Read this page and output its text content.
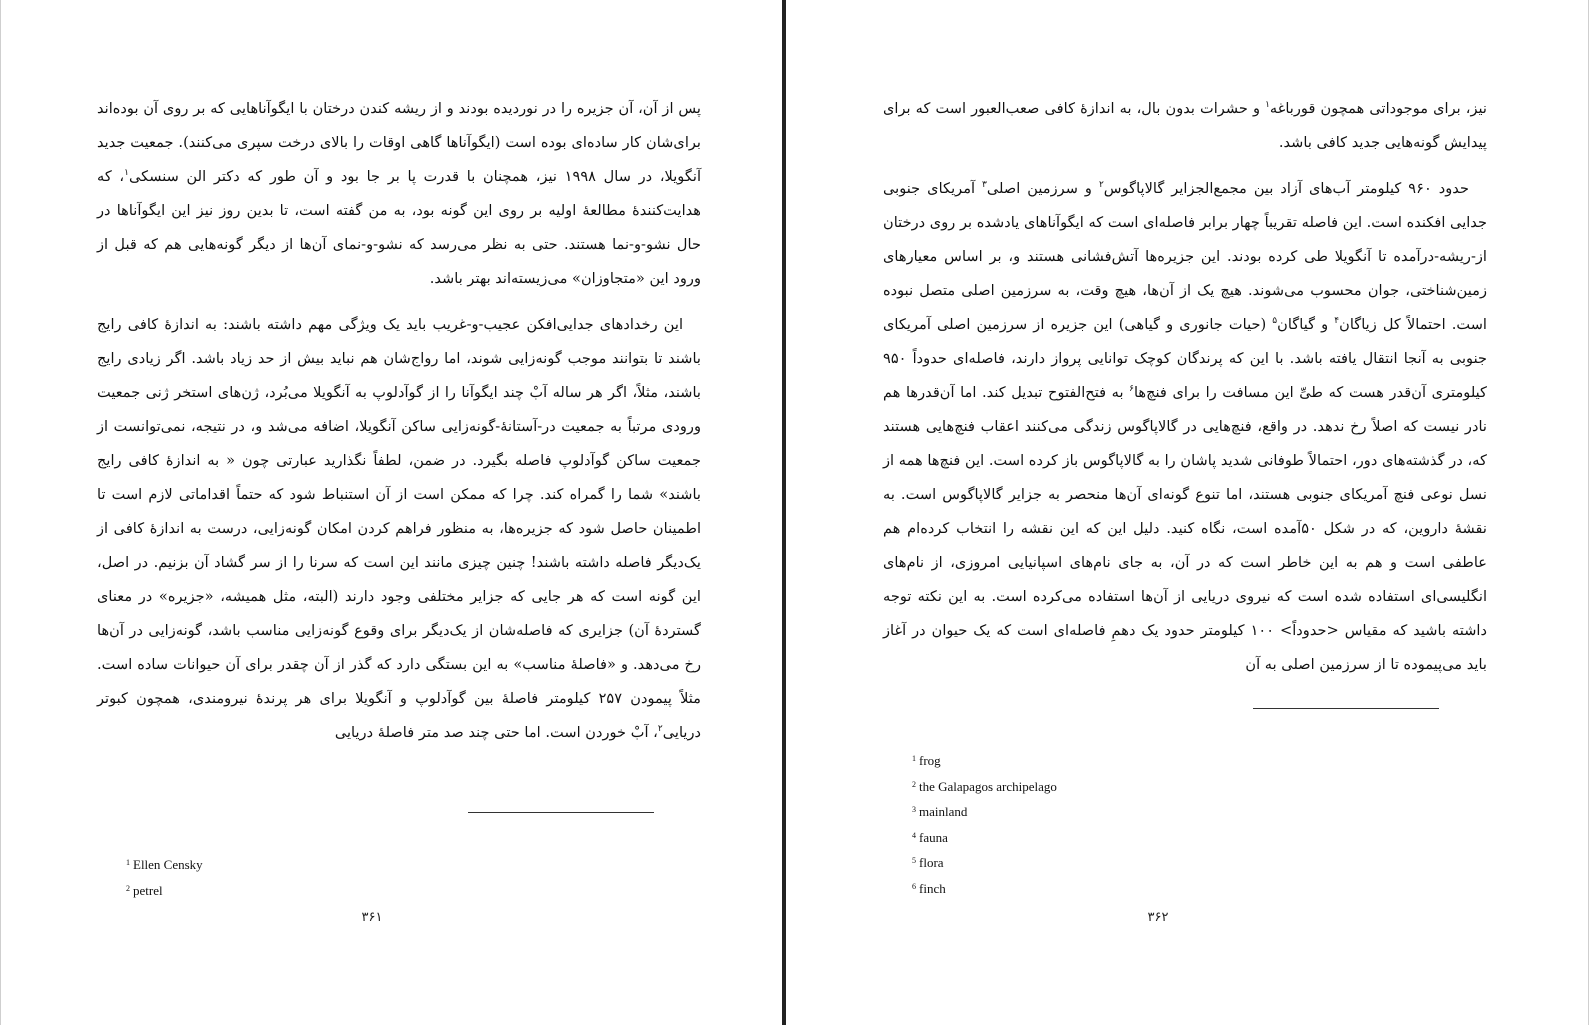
پس از آن، آن جزیره را در نوردیده بودند و از ریشه کندن درختان با ایگوآناهایی که بر روی آن بوده‌اند برای‌شان کار ساده‌ای بوده است (ایگوآناها گاهی اوقات را بالای درخت سپری می‌کنند). جمعیت جدید آنگویلا، در سال ۱۹۹۸ نیز، همچنان با قدرت پا بر جا بود و آن طور که دکتر الن سنسکی$^۱$، که هدایت‌کنندهٔ مطالعهٔ اولیه بر روی این گونه بود، به من گفته است، تا بدین روز نیز این ایگوآناها در حال نشو-و-نما هستند. حتی به نظر می‌رسد که نشو-و-نمای آن‌ها از دیگر گونه‌هایی هم که قبل از ورود این «متجاوزان» می‌زیسته‌اند بهتر باشد.

این رخدادهای جدایی‌افکن عجیب-و-غریب باید یک ویژگی مهم داشته باشند: به اندازهٔ کافی رایج باشند تا بتوانند موجب گونه‌زایی شوند، اما رواج‌شان هم نباید بیش از حد زیاد باشد. اگر زیادی رایج باشند، مثلاً، اگر هر ساله آبْ چند ایگوآنا را از گوآدلوپ به آنگویلا می‌بُرد، ژن‌های استخر ژنی جمعیت ورودی مرتباً به جمعیت در-آستانهٔ-گونه‌زایی ساکن آنگویلا، اضافه می‌شد و، در نتیجه، نمی‌توانست از جمعیت ساکن گوآدلوپ فاصله بگیرد. در ضمن، لطفاً نگذارید عبارتی چون « به اندازهٔ کافی رایج باشند» شما را گمراه کند. چرا که ممکن است از آن استنباط شود که حتماً اقداماتی لازم است تا اطمینان حاصل شود که جزیره‌ها، به منظور فراهم کردن امکان گونه‌زایی، درست به اندازهٔ کافی از یک‌دیگر فاصله داشته باشند! چنین چیزی مانند این است که سرنا را از سر گشاد آن بزنیم. در اصل، این گونه است که هر جایی که جزایر مختلفی وجود دارند (البته، مثل همیشه، «جزیره» در معنای گستردهٔ آن) جزایری که فاصله‌شان از یک‌دیگر برای وقوع گونه‌زایی مناسب باشد، گونه‌زایی در آن‌ها رخ می‌دهد. و «فاصلهٔ مناسب» به این بستگی دارد که گذر از آن چقدر برای آن حیوانات ساده است. مثلاً پیمودن ۲۵۷ کیلومتر فاصلهٔ بین گوآدلوپ و آنگویلا برای هر پرندهٔ نیرومندی، همچون کبوتر دریایی$^۲$، آبْ خوردن است. اما حتی چند صد متر فاصلهٔ دریایی

$^1$ Ellen Censky
$^2$ petrel
۳۶۱

نیز، برای موجوداتی همچون قورباغه$^۱$ و حشرات بدون بال، به اندازهٔ کافی صعب‌العبور است که برای پیدایش گونه‌هایی جدید کافی باشد.

حدود ۹۶۰ کیلومتر آب‌های آزاد بین مجمع‌الجزایر گالاپاگوس$^۲$ و سرزمین اصلی$^۳$ آمریکای جنوبی جدایی افکنده است. این فاصله تقریباً چهار برابر فاصله‌ای است که ایگوآناهای یادشده بر روی درختان از-ریشه-درآمده تا آنگویلا طی کرده بودند. این جزیره‌ها آتش‌فشانی هستند و، بر اساس معیارهای زمین‌شناختی، جوان محسوب می‌شوند. هیچ یک از آن‌ها، هیچ وقت، به سرزمین اصلی متصل نبوده است. احتمالاً کل زیاگان$^۴$ و گیاگان$^۵$ (حیات جانوری و گیاهی) این جزیره از سرزمین اصلی آمریکای جنوبی به آنجا انتقال یافته باشد. با این که پرندگان کوچک توانایی پرواز دارند، فاصله‌ای حدوداً ۹۵۰ کیلومتری آن‌قدر هست که طیِّ این مسافت را برای فنچ‌ها$^۶$ به فتح‌الفتوح تبدیل کند. اما آن‌قدرها هم نادر نیست که اصلاً رخ ندهد. در واقع، فنچ‌هایی در گالاپاگوس زندگی می‌کنند اعقاب فنچ‌هایی هستند که، در گذشته‌های دور، احتمالاً طوفانی شدید پاشان را به گالاپاگوس باز کرده است. این فنچ‌ها همه از نسل نوعی فنچ آمریکای جنوبی هستند، اما تنوع گونه‌ای آن‌ها منحصر به جزایر گالاپاگوس است. به نقشهٔ داروین، که در شکل ۵۰آمده است، نگاه کنید. دلیل این که این نقشه را انتخاب کرده‌ام هم عاطفی است و هم به این خاطر است که در آن، به جای نام‌های اسپانیایی امروزی، از نام‌های انگلیسی‌ای استفاده شده است که نیروی دریایی از آن‌ها استفاده می‌کرده است. به این نکته توجه داشته باشید که مقیاس <حدوداً> ۱۰۰ کیلومتر حدود یک دهمِ فاصله‌ای است که یک حیوان در آغاز باید می‌پیموده تا از سرزمین اصلی به آن

$^1$ frog
$^2$ the Galapagos archipelago
$^3$ mainland
$^4$ fauna
$^5$ flora
$^6$ finch
۳۶۲
